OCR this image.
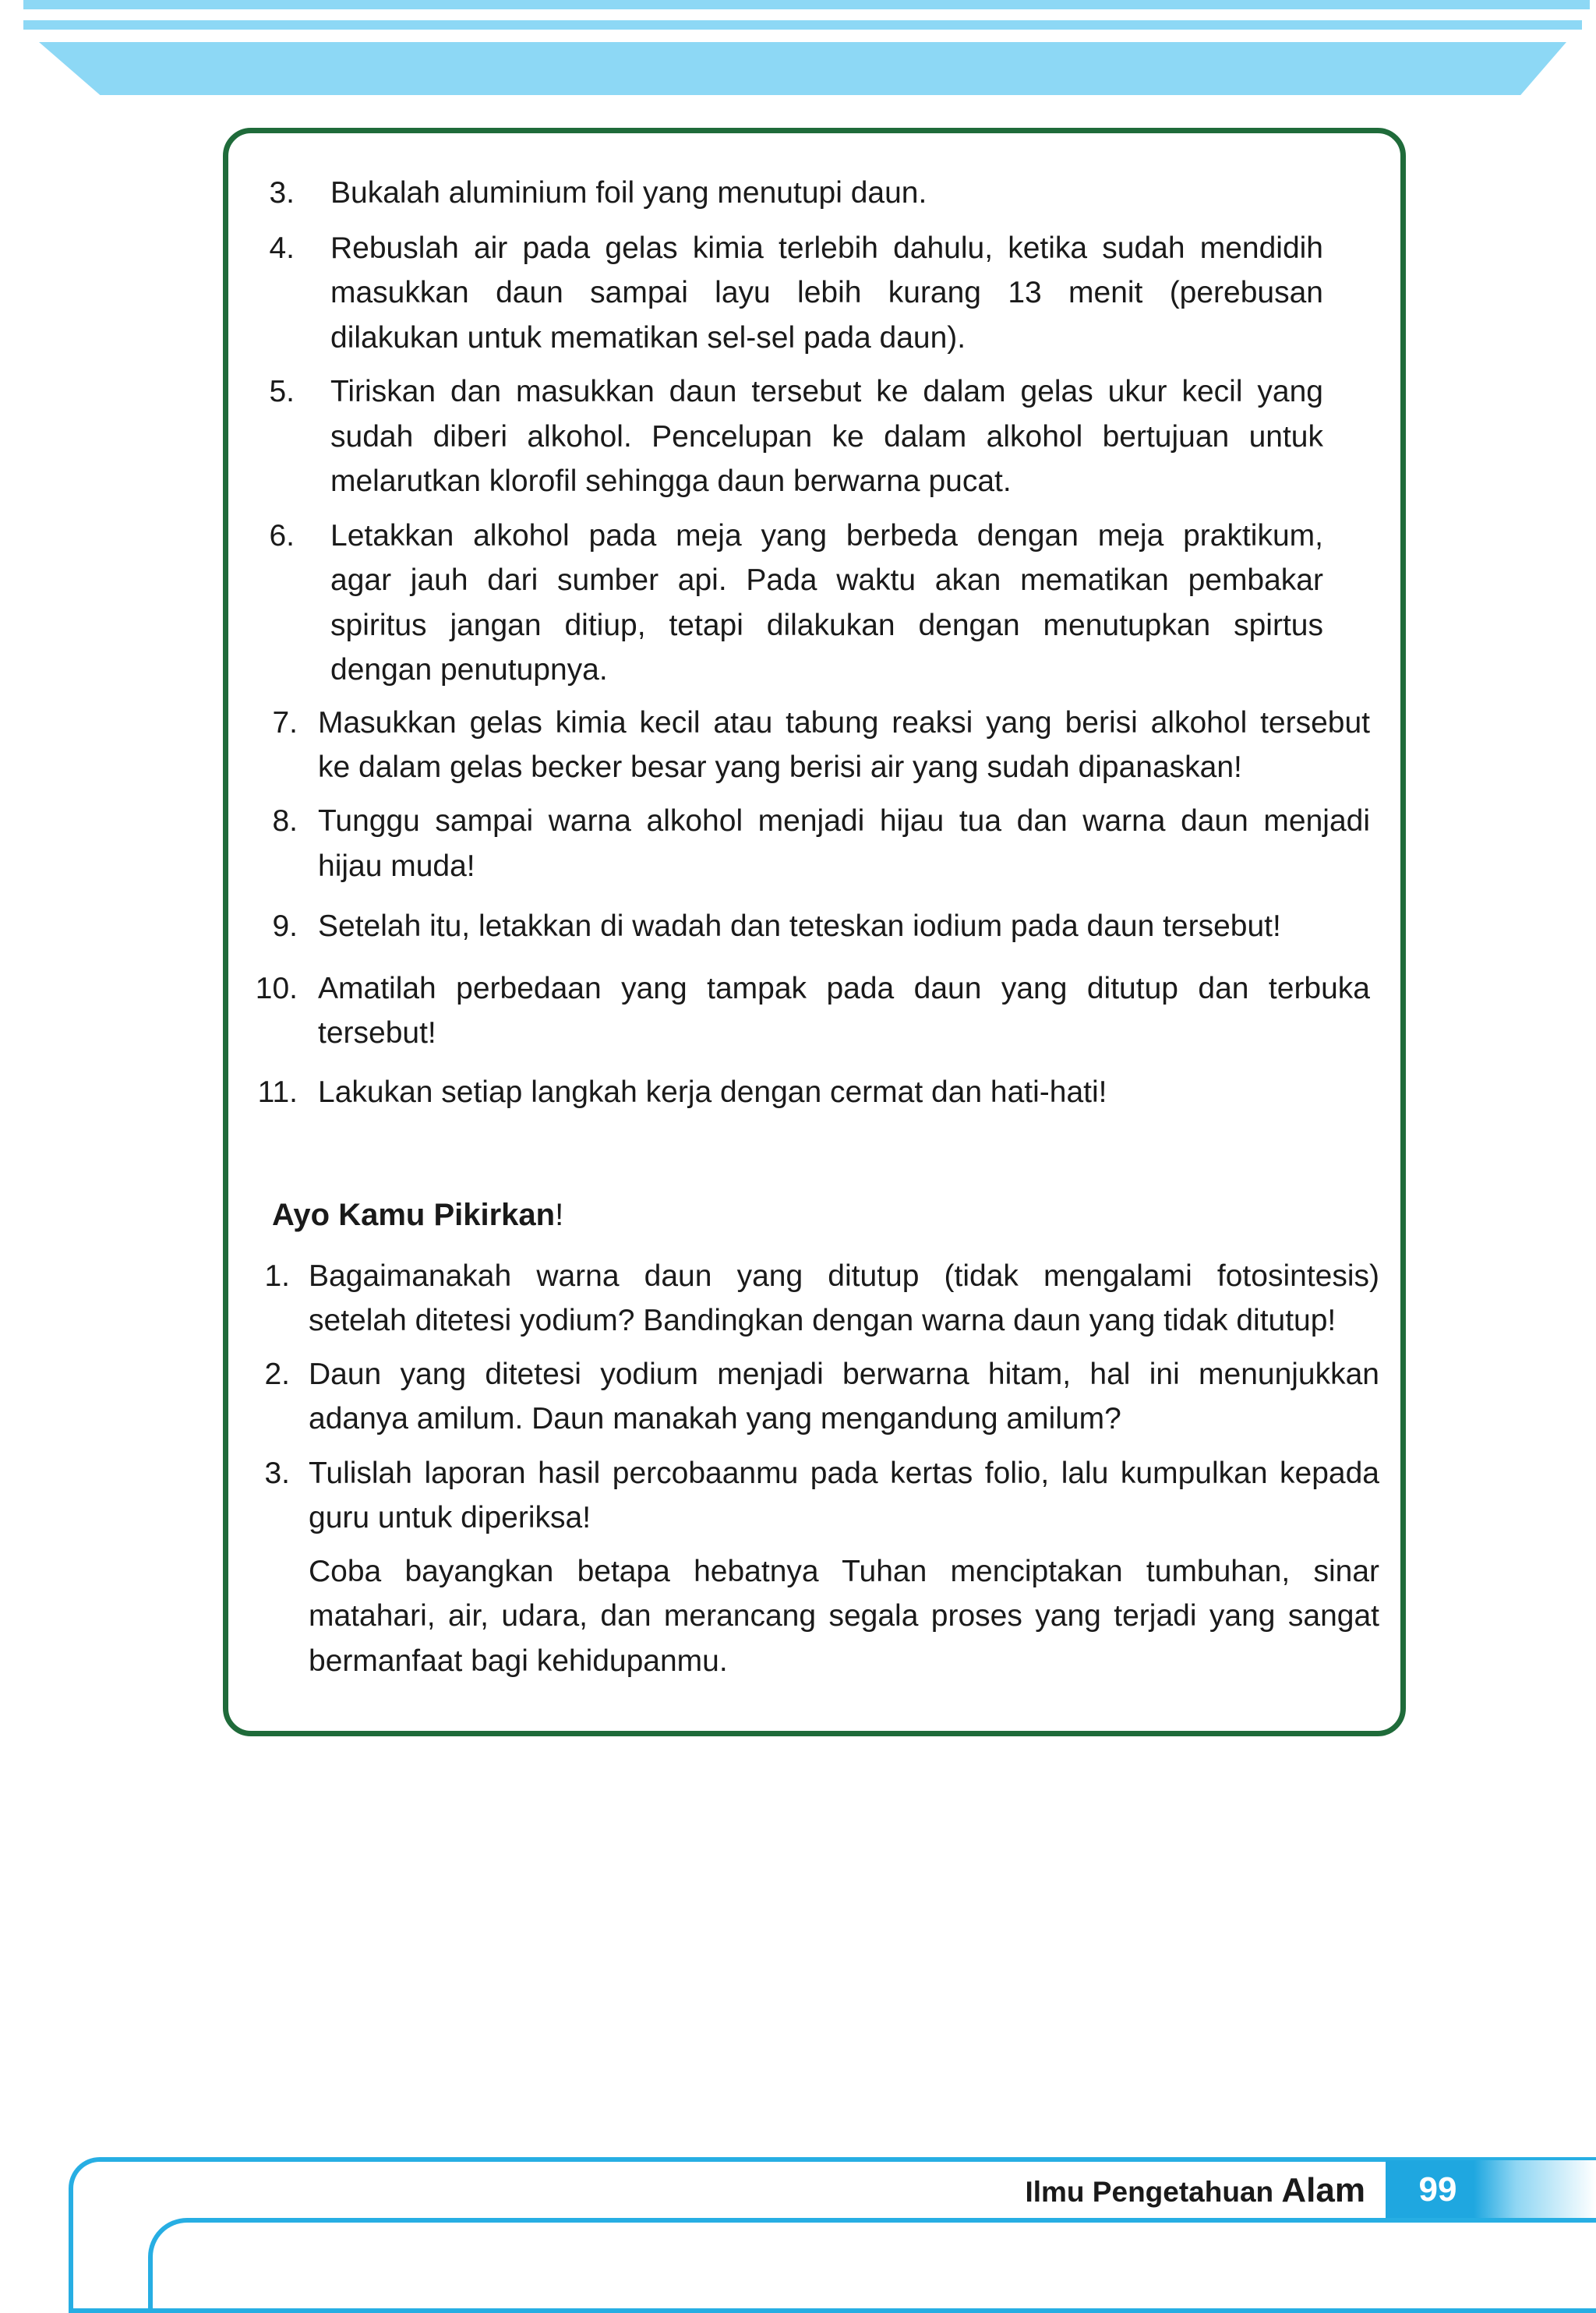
3. Bukalah aluminium foil yang menutupi daun.
4. Rebuslah air pada gelas kimia terlebih dahulu, ketika sudah mendidih
masukkan daun sampai layu lebih kurang 13 menit (perebusan
dilakukan untuk mematikan sel-sel pada daun).
5. Tiriskan dan masukkan daun tersebut ke dalam gelas ukur kecil yang
sudah diberi alkohol. Pencelupan ke dalam alkohol bertujuan untuk
melarutkan klorofil sehingga daun berwarna pucat.
6. Letakkan alkohol pada meja yang berbeda dengan meja praktikum,
agar jauh dari sumber api. Pada waktu akan mematikan pembakar
spiritus jangan ditiup, tetapi dilakukan dengan menutupkan spirtus
dengan penutupnya.
7. Masukkan gelas kimia kecil atau tabung reaksi yang berisi alkohol tersebut
ke dalam gelas becker besar yang berisi air yang sudah dipanaskan!
8. Tunggu sampai warna alkohol menjadi hijau tua dan warna daun menjadi
hijau muda!
9. Setelah itu, letakkan di wadah dan teteskan iodium pada daun tersebut!
10. Amatilah perbedaan yang tampak pada daun yang ditutup dan terbuka
tersebut!
11. Lakukan setiap langkah kerja dengan cermat dan hati-hati!
Ayo Kamu Pikirkan!
1. Bagaimanakah warna daun yang ditutup (tidak mengalami fotosintesis)
setelah ditetesi yodium? Bandingkan dengan warna daun yang tidak ditutup!
2. Daun yang ditetesi yodium menjadi berwarna hitam, hal ini menunjukkan
adanya amilum. Daun manakah yang mengandung amilum?
3. Tulislah laporan hasil percobaanmu pada kertas folio, lalu kumpulkan kepada
guru untuk diperiksa!
Coba bayangkan betapa hebatnya Tuhan menciptakan tumbuhan, sinar
matahari, air, udara, dan merancang segala proses yang terjadi yang sangat
bermanfaat bagi kehidupanmu.
Ilmu Pengetahuan Alam	99
